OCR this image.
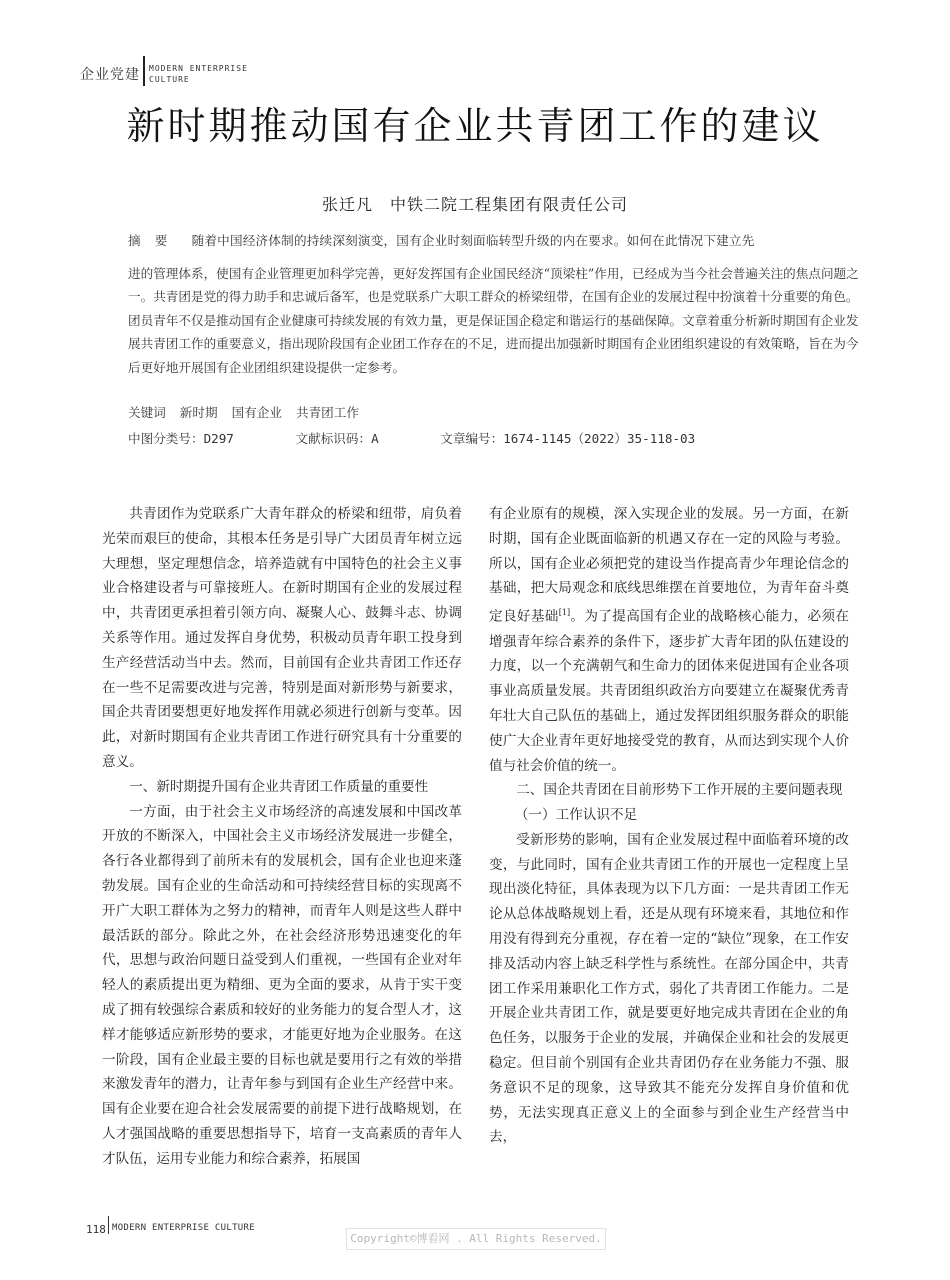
企业党建 MODERN ENTERPRISE CULTURE
新时期推动国有企业共青团工作的建议
张迁凡　中铁二院工程集团有限责任公司
摘 要 随着中国经济体制的持续深刻演变，国有企业时刻面临转型升级的内在要求。如何在此情况下建立先
进的管理体系，使国有企业管理更加科学完善，更好发挥国有企业国民经济“顶梁柱”作用，已经成为当今社会普遍关注的焦点问题之一。共青团是党的得力助手和忠诚后备军，也是党联系广大职工群众的桥梁纽带，在国有企业的发展过程中扮演着十分重要的角色。团员青年不仅是推动国有企业健康可持续发展的有效力量，更是保证国企稳定和谐运行的基础保障。文章着重分析新时期国有企业发展共青团工作的重要意义，指出现阶段国有企业团工作存在的不足，进而提出加强新时期国有企业团组织建设的有效策略，旨在为今后更好地开展国有企业团组织建设提供一定参考。
关键词 新时期 国有企业 共青团工作
中图分类号：D297	文献标识码：A	文章编号：1674-1145（2022）35-118-03

共青团作为党联系广大青年群众的桥梁和纽带，肩负着光荣而艰巨的使命，其根本任务是引导广大团员青年树立远大理想，坚定理想信念，培养造就有中国特色的社会主义事业合格建设者与可靠接班人。在新时期国有企业的发展过程中，共青团更承担着引领方向、凝聚人心、鼓舞斗志、协调关系等作用。通过发挥自身优势，积极动员青年职工投身到生产经营活动当中去。然而，目前国有企业共青团工作还存在一些不足需要改进与完善，特别是面对新形势与新要求，国企共青团要想更好地发挥作用就必须进行创新与变革。因此，对新时期国有企业共青团工作进行研究具有十分重要的意义。

一、新时期提升国有企业共青团工作质量的重要性

一方面，由于社会主义市场经济的高速发展和中国改革开放的不断深入，中国社会主义市场经济发展进一步健全，各行各业都得到了前所未有的发展机会，国有企业也迎来蓬勃发展。国有企业的生命活动和可持续经营目标的实现离不开广大职工群体为之努力的精神，而青年人则是这些人群中最活跃的部分。除此之外，在社会经济形势迅速变化的年代，思想与政治问题日益受到人们重视，一些国有企业对年轻人的素质提出更为精细、更为全面的要求，从肯于实干变成了拥有较强综合素质和较好的业务能力的复合型人才，这样才能够适应新形势的要求，才能更好地为企业服务。在这一阶段，国有企业最主要的目标也就是要用行之有效的举措来激发青年的潜力，让青年参与到国有企业生产经营中来。国有企业要在迎合社会发展需要的前提下进行战略规划，在人才强国战略的重要思想指导下，培育一支高素质的青年人才队伍，运用专业能力和综合素养，拓展国

有企业原有的规模，深入实现企业的发展。另一方面，在新时期，国有企业既面临新的机遇又存在一定的风险与考验。所以，国有企业必须把党的建设当作提高青少年理论信念的基础，把大局观念和底线思维摆在首要地位，为青年奋斗奠定良好基础[1]。为了提高国有企业的战略核心能力，必须在增强青年综合素养的条件下，逐步扩大青年团的队伍建设的力度，以一个充满朝气和生命力的团体来促进国有企业各项事业高质量发展。共青团组织政治方向要建立在凝聚优秀青年壮大自己队伍的基础上，通过发挥团组织服务群众的职能使广大企业青年更好地接受党的教育，从而达到实现个人价值与社会价值的统一。

二、国企共青团在目前形势下工作开展的主要问题表现

（一）工作认识不足

受新形势的影响，国有企业发展过程中面临着环境的改变，与此同时，国有企业共青团工作的开展也一定程度上呈现出淡化特征，具体表现为以下几方面：一是共青团工作无论从总体战略规划上看，还是从现有环境来看，其地位和作用没有得到充分重视，存在着一定的“缺位”现象，在工作安排及活动内容上缺乏科学性与系统性。在部分国企中，共青团工作采用兼职化工作方式，弱化了共青团工作能力。二是开展企业共青团工作，就是要更好地完成共青团在企业的角色任务，以服务于企业的发展，并确保企业和社会的发展更稳定。但目前个别国有企业共青团仍存在业务能力不强、服务意识不足的现象，这导致其不能充分发挥自身价值和优势，无法实现真正意义上的全面参与到企业生产经营当中去，

118 MODERN ENTERPRISE CULTURE
Copyright©博看网 . All Rights Reserved.
